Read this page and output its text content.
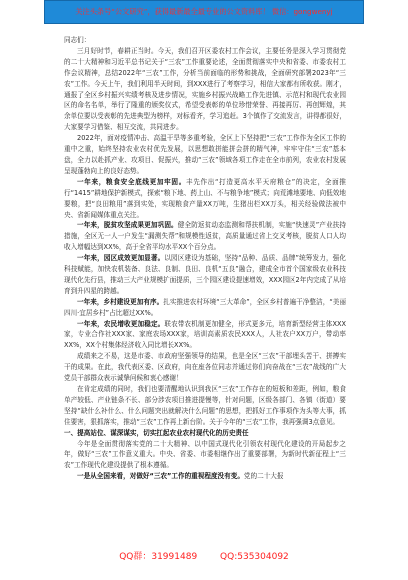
关注头条号“公文研究”，获得最新最全最专业的公文资料库！ 微信：gongwenyj

同志们：

三月好时节，春耕正当时。今天，我们召开区委农村工作会议，主要任务是深入学习贯彻党的二十大精神和习近平总书记关于“三农”工作重要论述，全面贯彻落实中央和省委、市委农村工作会议精神，总结2022年“三农”工作，分析当前面临的形势和挑战，全面研究部署2023年“三农”工作。今天上午，我们利用半天时间，到XXX进行了考察学习，相信大家都有所收获。刚才，通报了全区乡村振兴实绩考核及进步情况，实施乡村振兴战略工作先进镇、示范村和现代农业园区的命名名单，举行了隆重的颁奖仪式，希望受表彰的单位珍惜荣誉、再接再厉、再创辉煌，其余单位要以受表彰的先进典型为榜样，对标看齐，学习追赶。3个镇作了交流发言，讲得都很好，大家要学习借鉴、相互交流，共同进步。

2022年，面对疫情冲击、高温干旱等多重考验，全区上下坚持把“三农”工作作为全区工作的重中之重，始终坚持农业农村优先发展，以思想敢拼能拼会拼的精气神，牢牢守住“三农”基本盘，全力以赴抓产业、攻项目、促振兴，推动“三农”领域各项工作走在全市前列，农业农村发展呈现蓬勃向上的良好态势。

一年来，粮食安全底线更加牢固。丰先作出“打造更高水平天府粮仓”的决定，全面推行“1415”耕地保护新模式，探索“粮下地、药上山、不与粮争地”模式；向荒滩地要地、向低效地要粮，把“良田粮用”落到实处，实现粮食产量XX万吨，生猪出栏XX万头，相关经验做法被中央、省新闻媒体重点关注。

一年来，脱贫攻坚成果更加巩固。健全防返贫动态监测和帮扶机制，实施“快速灵”产业扶持措施，全区无一人一户发生“漏测失帮”和规模性返贫，高质量通过省上交叉考核，脱贫人口人均收入增幅达到XX%，高于全省平均水平XX个百分点。

一年来，园区成效更加显著。以园区建设为基础，坚持“品种、品质、品牌”统筹发力，强化科技赋能，加快农机装备、良法、良制、良田、良机“五良”融合，建成全市首个国家级农业科技现代化先行县，推动三大产业规模扩面提质，三个园区建设提速增效，XXX园区2年内完成了从培育到升四星的跨越。

一年来，乡村建设更加有序。扎实推进农村环境“三大革命”，全区乡村普遍干净整洁，“美丽四川·宜居乡村”占比超过XX%。

一年来，农民增收更加稳定。联农带农机制更加健全，形式更多元，培育新型经营主体XXX家，专业合作社XXX家、家庭农场XXX家，培训高素质农民XXX人，人社农户XX万户，带动率XX%，XX个村集体经济收入同比增长XX%。

成绩来之不易，这是市委、市政府坚强领导的结果，也是全区“三农”干部埋头苦干、拼搏实干的成果。在此，我代表区委、区政府，向在座各位同志并通过你们向奋战在“三农”战线的广大党员干部群众表示诚挚问候和衷心感谢！

在肯定成绩的同时，我们也要清醒地认识到我区“三农”工作存在的短板和差距，例如，粮食单产较低、产业链条不长、部分涉农项目推进提慢等，针对问题，区级各部门、各镇（街道）要坚持“缺什么补什么、什么问题突出就解决什么问题”的思想，把抓好工作事项作为头等大事，抓住要害，狠抓落实，推动“三农”工作再上新台阶。关于今年的“三农”工作，我再强调3点意见。

一、提高站位、谋深谋实，切实扛起农业农村现代化的历史责任

今年是全面贯彻落实党的二十大精神、以中国式现代化引领农村现代化建设的开局起步之年，做好“三农”工作意义重大。中央、省委、市委相继作出了重要部署，为新时代新征程上“三农”工作现代化建设提供了根本遵循。

一是从全国来看，对做好“三农”工作的重视程度没有变。党的二十大报

QQ群：31991489	QQ:535304092
